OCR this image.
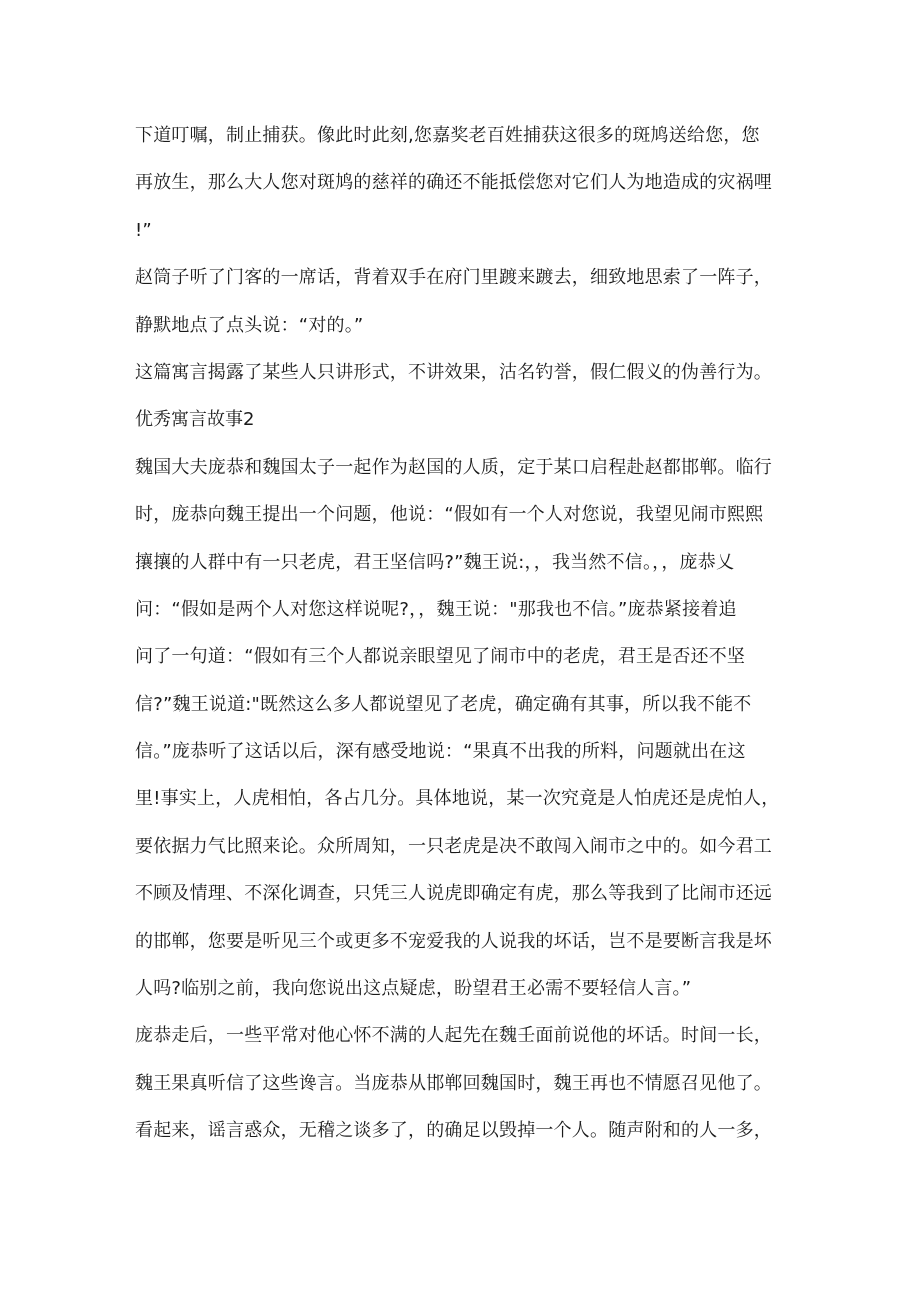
下道叮嘱，制止捕获。像此时此刻,您嘉奖老百姓捕获这很多的斑鸠送给您，您
再放生，那么大人您对斑鸠的慈祥的确还不能抵偿您对它们人为地造成的灾祸哩
!”
赵筒子听了门客的一席话，背着双手在府门里踱来踱去，细致地思索了一阵子，
静默地点了点头说：“对的。”
这篇寓言揭露了某些人只讲形式，不讲效果，沽名钓誉，假仁假义的伪善行为。
优秀寓言故事2
魏国大夫庞恭和魏国太子一起作为赵国的人质，定于某口启程赴赵都邯郸。临行
时，庞恭向魏王提出一个问题，他说：“假如有一个人对您说，我望见闹市熙熙
攘攘的人群中有一只老虎，君王坚信吗?”魏王说:，，我当然不信。，，庞恭乂
问：“假如是两个人对您这样说呢?，，魏王说："那我也不信。”庞恭紧接着追
问了一句道：“假如有三个人都说亲眼望见了闹市中的老虎，君王是否还不坚
信?”魏王说道:"既然这么多人都说望见了老虎，确定确有其事，所以我不能不
信。”庞恭听了这话以后，深有感受地说：“果真不出我的所料，问题就出在这
里!事实上，人虎相怕，各占几分。具体地说，某一次究竟是人怕虎还是虎怕人，
要依据力气比照来论。众所周知，一只老虎是决不敢闯入闹市之中的。如今君工
不顾及情理、不深化调查，只凭三人说虎即确定有虎，那么等我到了比闹市还远
的邯郸，您要是听见三个或更多不宠爱我的人说我的坏话，岂不是要断言我是坏
人吗?临别之前，我向您说出这点疑虑，盼望君王必需不要轻信人言。”
庞恭走后，一些平常对他心怀不满的人起先在魏壬面前说他的坏话。时间一长，
魏王果真听信了这些谗言。当庞恭从邯郸回魏国时，魏王再也不情愿召见他了。
看起来，谣言惑众，无稽之谈多了，的确足以毁掉一个人。随声附和的人一多，
